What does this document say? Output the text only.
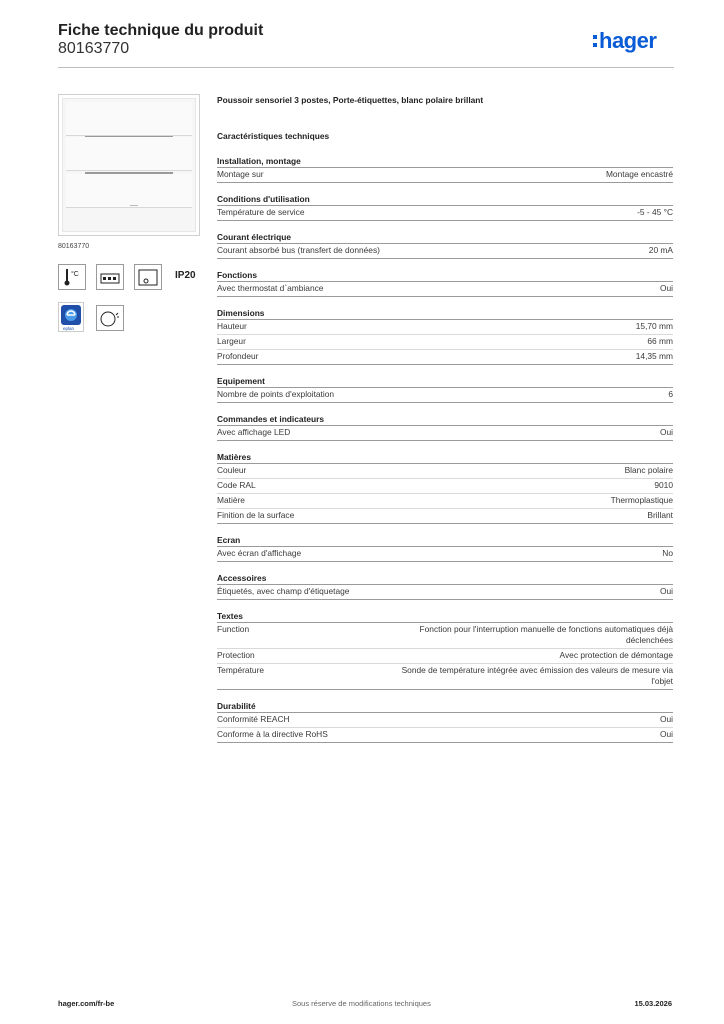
Fiche technique du produit
80163770	hager
80163770
°C	IP20
eplan
Poussoir sensoriel 3 postes, Porte-étiquettes, blanc polaire brillant
Caractéristiques techniques
Installation, montage
Montage sur	Montage encastré
Conditions d'utilisation
Température de service	-5 - 45 °C
Courant électrique
Courant absorbé bus (transfert de données)	20 mA
Fonctions
Avec thermostat d`ambiance	Oui
Dimensions
Hauteur	15,70 mm
Largeur	66 mm
Profondeur	14,35 mm
Equipement
Nombre de points d'exploitation	6
Commandes et indicateurs
Avec affichage LED	Oui
Matières
Couleur	Blanc polaire
Code RAL	9010
Matière	Thermoplastique
Finition de la surface	Brillant
Ecran
Avec écran d'affichage	No
Accessoires
Étiquetés, avec champ d'étiquetage	Oui
Textes
Function	Fonction pour l'interruption manuelle de fonctions automatiques déjà déclenchées
Protection	Avec protection de démontage
Température	Sonde de température intégrée avec émission des valeurs de mesure via l'objet
Durabilité
Conformité REACH	Oui
Conforme à la directive RoHS	Oui
hager.com/fr-be	Sous réserve de modifications techniques	15.03.2026
